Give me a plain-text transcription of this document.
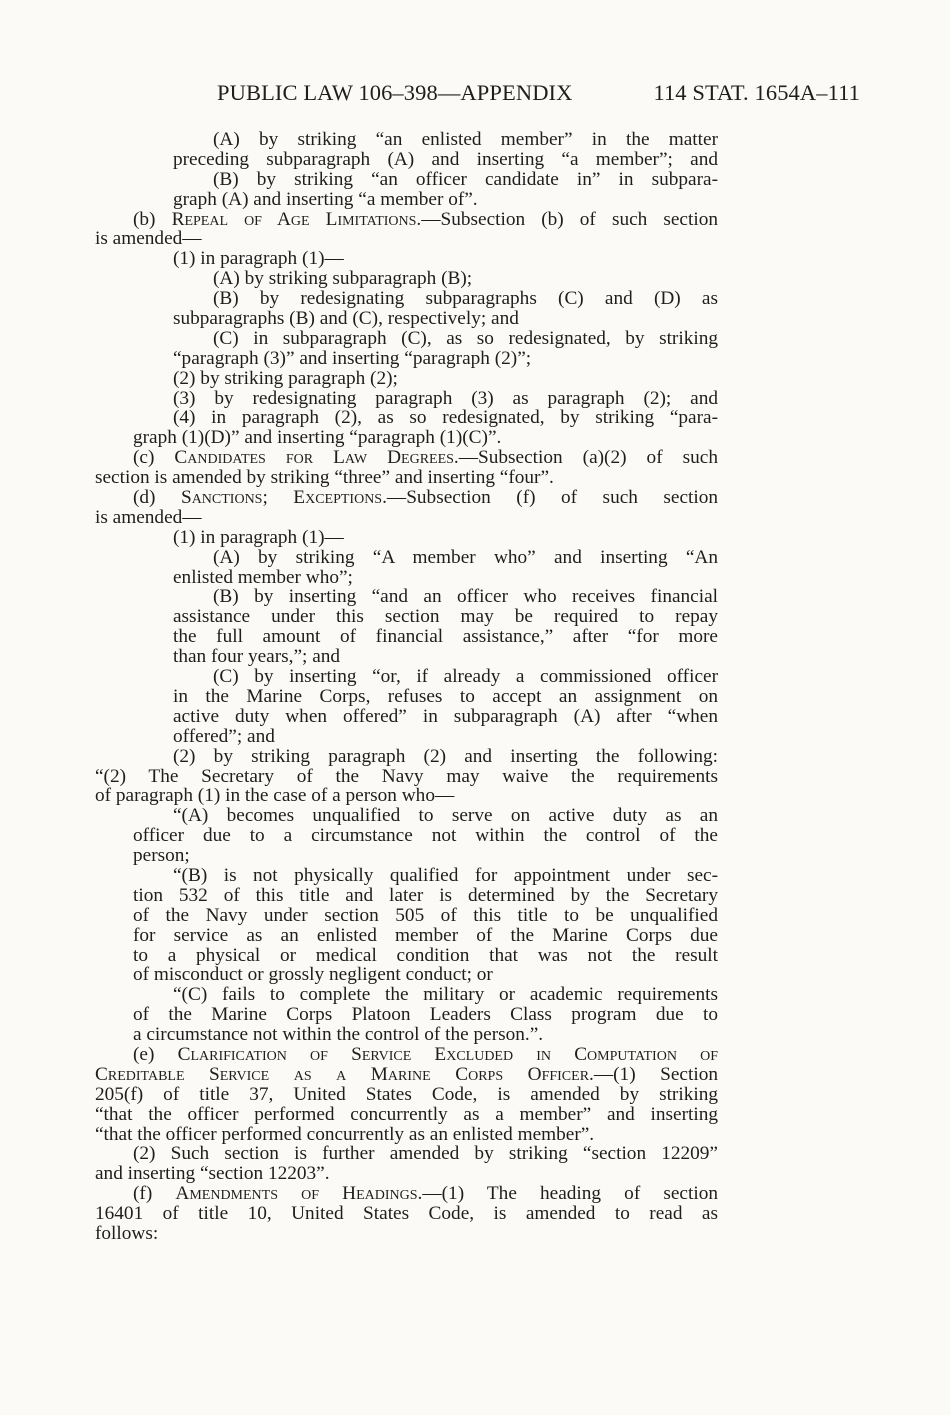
PUBLIC LAW 106–398—APPENDIX	114 STAT. 1654A–111
(A) by striking “an enlisted member” in the matter
preceding subparagraph (A) and inserting “a member”; and
(B) by striking “an officer candidate in” in subpara-
graph (A) and inserting “a member of”.
(b) Repeal of Age Limitations.—Subsection (b) of such section
is amended—
(1) in paragraph (1)—
(A) by striking subparagraph (B);
(B) by redesignating subparagraphs (C) and (D) as
subparagraphs (B) and (C), respectively; and
(C) in subparagraph (C), as so redesignated, by striking
“paragraph (3)” and inserting “paragraph (2)”;
(2) by striking paragraph (2);
(3) by redesignating paragraph (3) as paragraph (2); and
(4) in paragraph (2), as so redesignated, by striking “para-
graph (1)(D)” and inserting “paragraph (1)(C)”.
(c) Candidates for Law Degrees.—Subsection (a)(2) of such
section is amended by striking “three” and inserting “four”.
(d) Sanctions; Exceptions.—Subsection (f) of such section
is amended—
(1) in paragraph (1)—
(A) by striking “A member who” and inserting “An
enlisted member who”;
(B) by inserting “and an officer who receives financial
assistance under this section may be required to repay
the full amount of financial assistance,” after “for more
than four years,”; and
(C) by inserting “or, if already a commissioned officer
in the Marine Corps, refuses to accept an assignment on
active duty when offered” in subparagraph (A) after “when
offered”; and
(2) by striking paragraph (2) and inserting the following:
“(2) The Secretary of the Navy may waive the requirements
of paragraph (1) in the case of a person who—
“(A) becomes unqualified to serve on active duty as an
officer due to a circumstance not within the control of the
person;
“(B) is not physically qualified for appointment under sec-
tion 532 of this title and later is determined by the Secretary
of the Navy under section 505 of this title to be unqualified
for service as an enlisted member of the Marine Corps due
to a physical or medical condition that was not the result
of misconduct or grossly negligent conduct; or
“(C) fails to complete the military or academic requirements
of the Marine Corps Platoon Leaders Class program due to
a circumstance not within the control of the person.”.
(e) Clarification of Service Excluded in Computation of
Creditable Service as a Marine Corps Officer.—(1) Section
205(f) of title 37, United States Code, is amended by striking
“that the officer performed concurrently as a member” and inserting
“that the officer performed concurrently as an enlisted member”.
(2) Such section is further amended by striking “section 12209”
and inserting “section 12203”.
(f) Amendments of Headings.—(1) The heading of section
16401 of title 10, United States Code, is amended to read as
follows:
